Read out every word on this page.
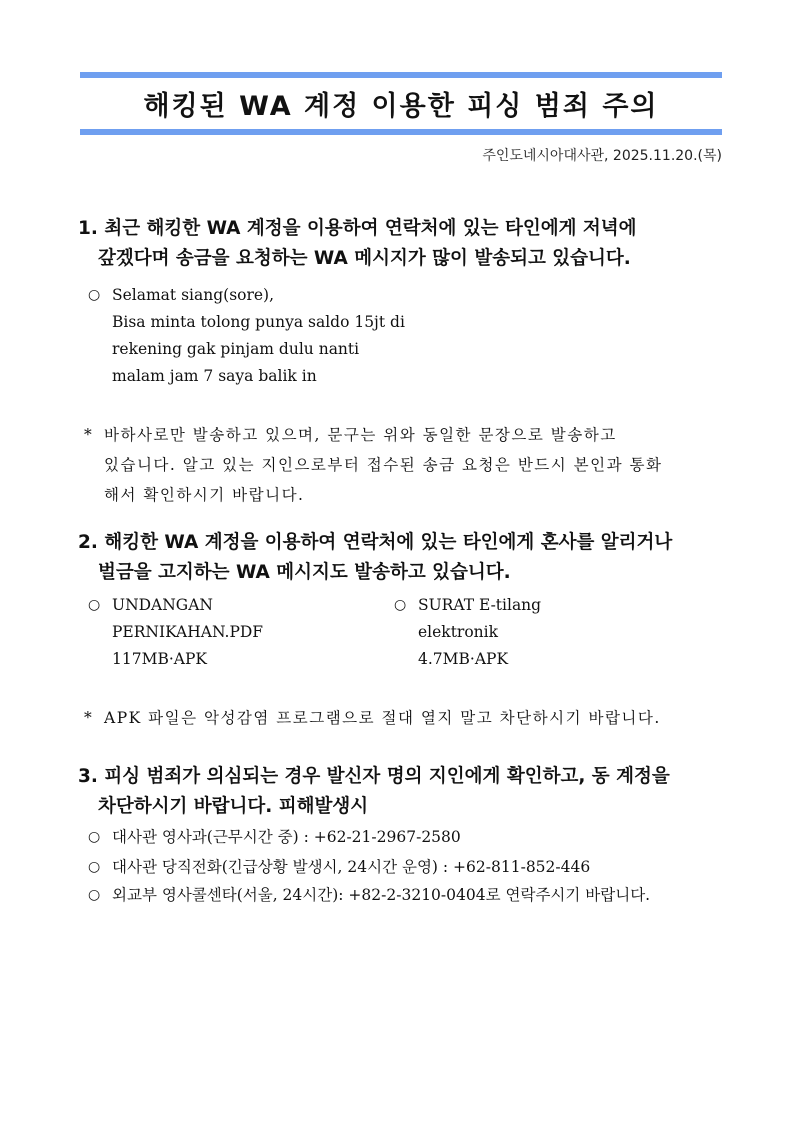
해킹된 WA 계정 이용한 피싱 범죄 주의
주인도네시아대사관, 2025.11.20.(목)
1. 최근 해킹한 WA 계정을 이용하여 연락처에 있는 타인에게 저녁에
갚겠다며 송금을 요청하는 WA 메시지가 많이 발송되고 있습니다.
○ Selamat siang(sore),
Bisa minta tolong punya saldo 15jt di
rekening gak pinjam dulu nanti
malam jam 7 saya balik in
* 바하사로만 발송하고 있으며, 문구는 위와 동일한 문장으로 발송하고
있습니다. 알고 있는 지인으로부터 접수된 송금 요청은 반드시 본인과 통화
해서 확인하시기 바랍니다.
2. 해킹한 WA 계정을 이용하여 연락처에 있는 타인에게 혼사를 알리거나
벌금을 고지하는 WA 메시지도 발송하고 있습니다.
○ UNDANGAN
PERNIKAHAN.PDF
117MB·APK
○ SURAT E-tilang
elektronik
4.7MB·APK
* APK 파일은 악성감염 프로그램으로 절대 열지 말고 차단하시기 바랍니다.
3. 피싱 범죄가 의심되는 경우 발신자 명의 지인에게 확인하고, 동 계정을
차단하시기 바랍니다. 피해발생시
○ 대사관 영사과(근무시간 중) : +62-21-2967-2580
○ 대사관 당직전화(긴급상황 발생시, 24시간 운영) : +62-811-852-446
○ 외교부 영사콜센타(서울, 24시간): +82-2-3210-0404로 연락주시기 바랍니다.
